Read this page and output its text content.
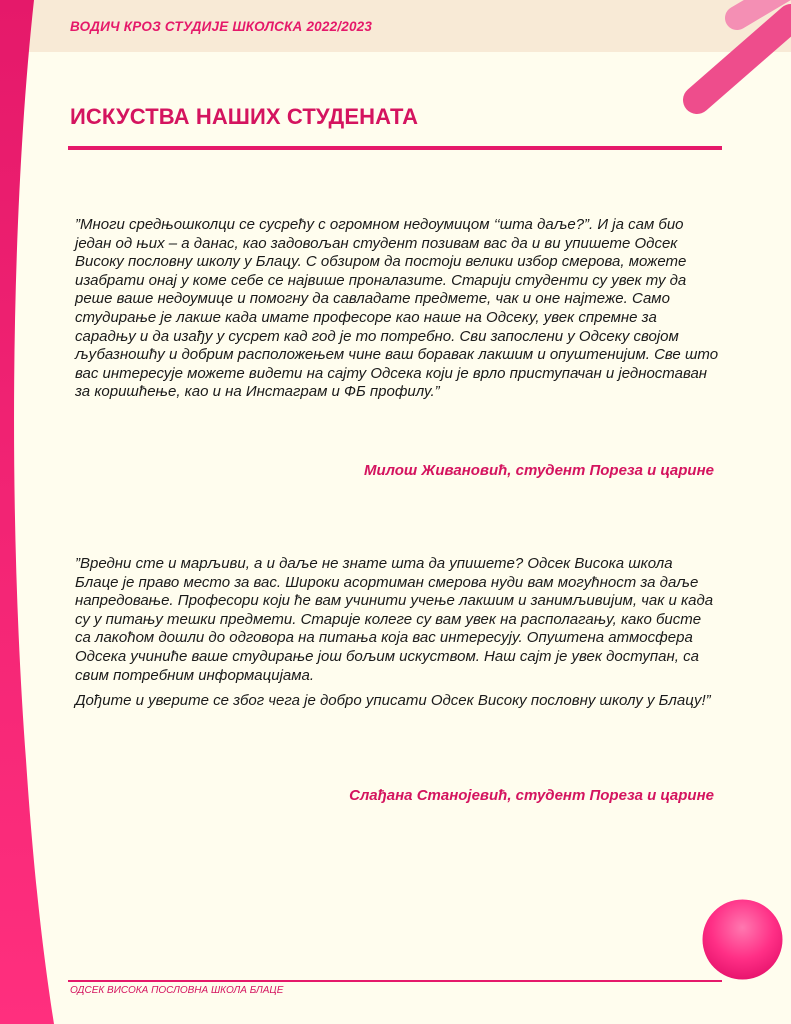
ВОДИЧ КРОЗ СТУДИЈЕ ШКОЛСКА 2022/2023
ИСКУСТВА НАШИХ СТУДЕНАТА

”Многи средњошколци се сусрећу с огромном недоумицом ‘‘шта даље?”. И ја сам био један од њих – а данас, као задовољан студент позивам вас да и ви упишете Одсек Високу пословну школу у Блацу. С обзиром да постоји велики избор смерова, можете изабрати онај у коме себе се највише проналазите. Старији студенти су увек ту да реше ваше недоумице и помогну да савладате предмете, чак и оне најтеже. Само студирање је лакше када имате професоре као наше на Одсеку, увек спремне за сарадњу и да изађу у сусрет кад год је то потребно. Сви запослени у Одсеку својом љубазношћу и добрим расположењем чине ваш боравак лакшим и опуштенијим. Све што вас интересује можете видети на сајту Одсека који је врло приступачан и једноставан за коришћење, као и на Инстаграм и ФБ профилу.”

Милош Живановић, студент Пореза и царине

”Вредни сте и марљиви, а и даље не знате шта да упишете? Одсек Висока школа Блаце је право место за вас. Широки асортиман смерова нуди вам могућност за даље напредовање. Професори који ће вам учинити учење лакшим и занимљивијим, чак и када су у питању тешки предмети. Старије колеге су вам увек на располагању, како бисте са лакоћом дошли до одговора на питања која вас интересују. Опуштена атмосфера Одсека учиниће ваше студирање још бољим искуством. Наш сајт је увек доступан, са свим потребним информацијама.

Дођите и уверите се због чега је добро уписати Одсек Високу пословну школу у Блацу!”

Слађана Станојевић, студент Пореза и царине
ОДСЕК ВИСОКА ПОСЛОВНА ШКОЛА БЛАЦЕ
